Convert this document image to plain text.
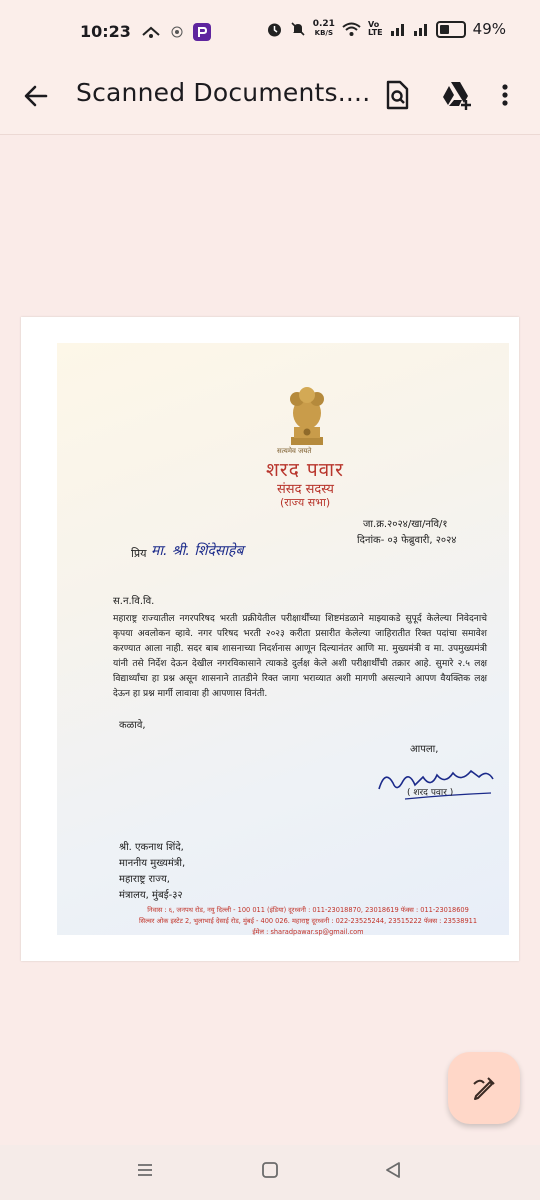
10:23	0.21
KB/S
Vo
LTE	49%
Scanned Documents....
सत्यमेव जयते
शरद पवार
संसद सदस्य
(राज्य सभा)
जा.क्र.२०२४/खा/नवि/१
दिनांक- ०३ फेब्रुवारी, २०२४
प्रिय मा. श्री. शिंदेसाहेब
स.न.वि.वि.
महाराष्ट्र राज्यातील नगरपरिषद भरती प्रक्रीयेतील परीक्षार्थींच्या शिष्टमंडळाने माझ्याकडे सुपूर्द केलेल्या निवेदनाचे कृपया अवलोकन व्हावे. नगर परिषद भरती २०२३ करीता प्रसारीत केलेल्या जाहिरातीत रिक्त पदांचा समावेश करण्यात आला नाही. सदर बाब शासनाच्या निदर्शनास आणून दिल्यानंतर आणि मा. मुख्यमंत्री व मा. उपमुख्यमंत्री यांनी तसे निर्देश देऊन देखील नगरविकासाने त्याकडे दुर्लक्ष केले अशी परीक्षार्थींची तक्रार आहे. सुमारे २.५ लक्ष विद्यार्थ्यांचा हा प्रश्न असून शासनाने तातडीने रिक्त जागा भराव्यात अशी मागणी असल्याने आपण वैयक्तिक लक्ष देऊन हा प्रश्न मार्गी लावावा ही आपणास विनंती.
कळावे,
आपला,
( शरद पवार )
श्री. एकनाथ शिंदे,
माननीय मुख्यमंत्री,
महाराष्ट्र राज्य,
मंत्रालय, मुंबई-३२
निवास : ६, जनपथ रोड, नयु दिल्ली - 100 011 (इंडिया) दूरध्वनी : 011-23018870, 23018619 फॅक्स : 011-23018609
सिल्वर ओक इस्टेट 2, भुलाभाई देसाई रोड, मुंबई - 400 026. महाराष्ट्र दूरध्वनी : 022-23525244, 23515222 फॅक्स : 23538911
ईमेल : sharadpawar.sp@gmail.com
